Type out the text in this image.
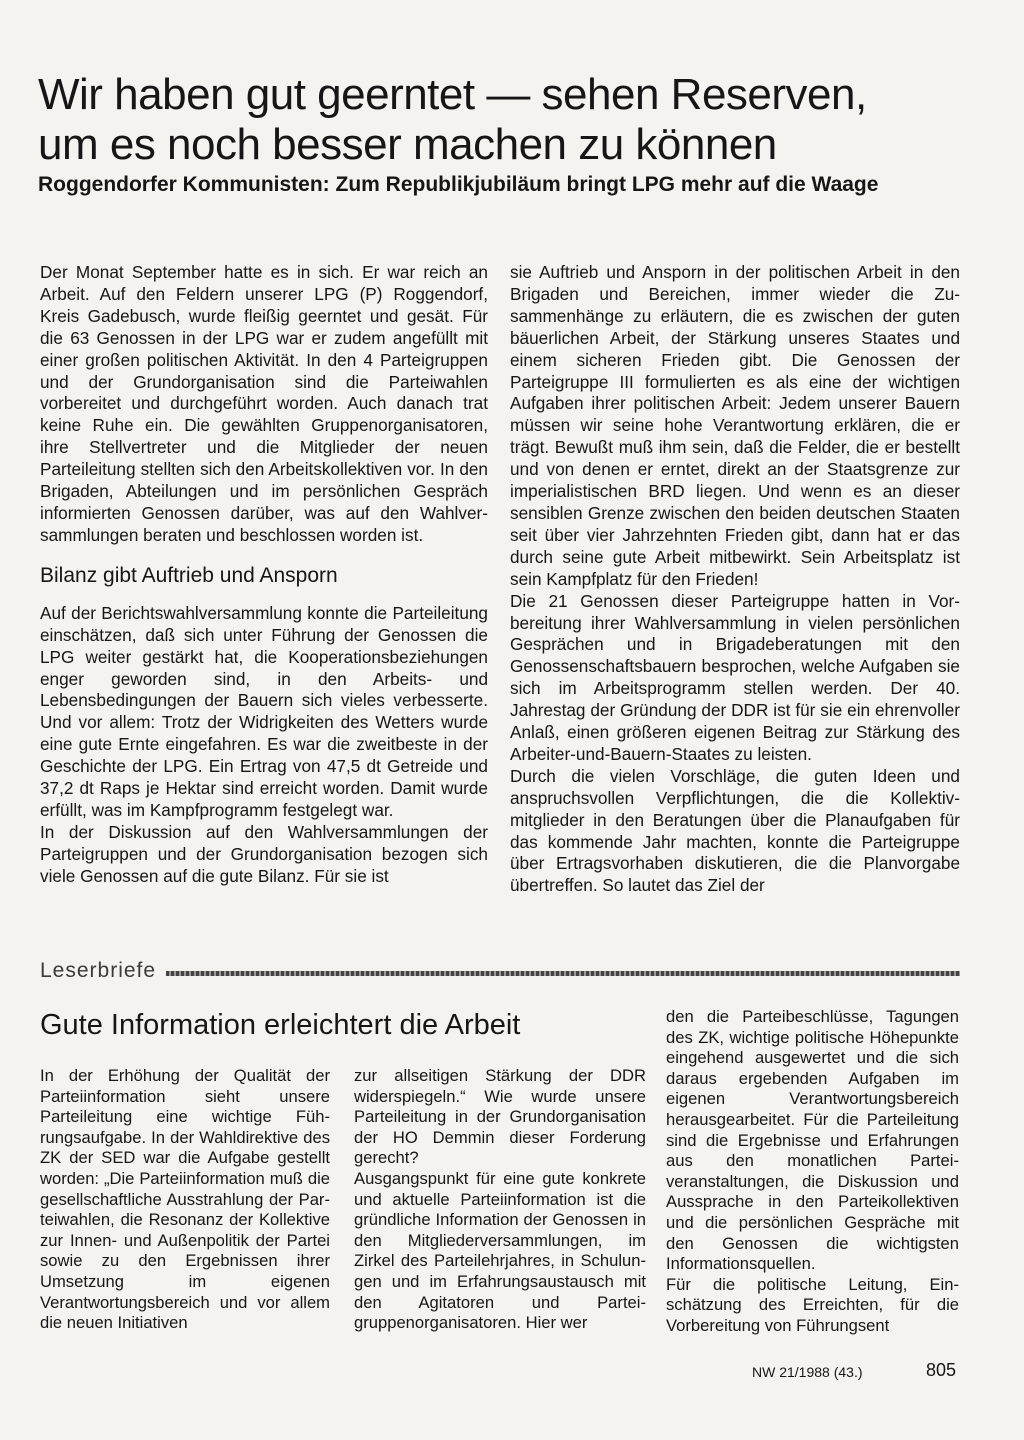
Wir haben gut geerntet — sehen Reserven,
um es noch besser machen zu können
Roggendorfer Kommunisten: Zum Republikjubiläum bringt LPG mehr auf die Waage

Der Monat September hatte es in sich. Er war reich an Arbeit. Auf den Feldern unserer LPG (P) Roggendorf, Kreis Gadebusch, wurde fleißig geerntet und gesät. Für die 63 Genossen in der LPG war er zudem angefüllt mit einer großen politischen Aktivität. In den 4 Parteigruppen und der Grundorganisation sind die Parteiwahlen vorbereitet und durchgeführt worden. Auch danach trat keine Ruhe ein. Die gewählten Gruppenorganisatoren, ihre Stellvertreter und die Mitglieder der neuen Parteileitung stellten sich den Arbeitskollektiven vor. In den Brigaden, Abteilungen und im persönlichen Gespräch informierten Genossen darüber, was auf den Wahlversammlungen beraten und beschlossen worden ist.

Bilanz gibt Auftrieb und Ansporn

Auf der Berichtswahlversammlung konnte die Parteileitung einschätzen, daß sich unter Führung der Genossen die LPG weiter gestärkt hat, die Kooperationsbeziehungen enger geworden sind, in den Arbeits- und Lebensbedingungen der Bauern sich vieles verbesserte. Und vor allem: Trotz der Widrigkeiten des Wetters wurde eine gute Ernte eingefahren. Es war die zweitbeste in der Geschichte der LPG. Ein Ertrag von 47,5 dt Getreide und 37,2 dt Raps je Hektar sind erreicht worden. Damit wurde erfüllt, was im Kampfprogramm festgelegt war.

In der Diskussion auf den Wahlversammlungen der Parteigruppen und der Grundorganisation bezogen sich viele Genossen auf die gute Bilanz. Für sie ist

sie Auftrieb und Ansporn in der politischen Arbeit in den Brigaden und Bereichen, immer wieder die Zusammenhänge zu erläutern, die es zwischen der guten bäuerlichen Arbeit, der Stärkung unseres Staates und einem sicheren Frieden gibt. Die Genossen der Parteigruppe III formulierten es als eine der wichtigen Aufgaben ihrer politischen Arbeit: Jedem unserer Bauern müssen wir seine hohe Verantwortung erklären, die er trägt. Bewußt muß ihm sein, daß die Felder, die er bestellt und von denen er erntet, direkt an der Staatsgrenze zur imperialistischen BRD liegen. Und wenn es an dieser sensiblen Grenze zwischen den beiden deutschen Staaten seit über vier Jahrzehnten Frieden gibt, dann hat er das durch seine gute Arbeit mitbewirkt. Sein Arbeitsplatz ist sein Kampfplatz für den Frieden!

Die 21 Genossen dieser Parteigruppe hatten in Vorbereitung ihrer Wahlversammlung in vielen persönlichen Gesprächen und in Brigadeberatungen mit den Genossenschaftsbauern besprochen, welche Aufgaben sie sich im Arbeitsprogramm stellen werden. Der 40. Jahrestag der Gründung der DDR ist für sie ein ehrenvoller Anlaß, einen größeren eigenen Beitrag zur Stärkung des Arbeiter-und-Bauern-Staates zu leisten.

Durch die vielen Vorschläge, die guten Ideen und anspruchsvollen Verpflichtungen, die die Kollektivmitglieder in den Beratungen über die Planaufgaben für das kommende Jahr machten, konnte die Parteigruppe über Ertragsvorhaben diskutieren, die die Planvorgabe übertreffen. So lautet das Ziel der

Leserbriefe
Gute Information erleichtert die Arbeit

In der Erhöhung der Qualität der Parteiinformation sieht unsere Parteileitung eine wichtige Führungsaufgabe. In der Wahldirektive des ZK der SED war die Aufgabe gestellt worden: „Die Parteiinformation muß die gesellschaftliche Ausstrahlung der Parteiwahlen, die Resonanz der Kollektive zur Innen- und Außenpolitik der Partei sowie zu den Ergebnissen ihrer Umsetzung im eigenen Verantwortungsbereich und vor allem die neuen Initiativen

zur allseitigen Stärkung der DDR widerspiegeln.“ Wie wurde unsere Parteileitung in der Grundorganisation der HO Demmin dieser Forderung gerecht?

Ausgangspunkt für eine gute konkrete und aktuelle Parteiinformation ist die gründliche Information der Genossen in den Mitgliederversammlungen, im Zirkel des Parteilehrjahres, in Schulungen und im Erfahrungsaustausch mit den Agitatoren und Parteigruppenorganisatoren. Hier wer

den die Parteibeschlüsse, Tagungen des ZK, wichtige politische Höhepunkte eingehend ausgewertet und die sich daraus ergebenden Aufgaben im eigenen Verantwortungsbereich herausgearbeitet. Für die Parteileitung sind die Ergebnisse und Erfahrungen aus den monatlichen Parteiveranstaltungen, die Diskussion und Aussprache in den Parteikollektiven und die persönlichen Gespräche mit den Genossen die wichtigsten Informationsquellen.

Für die politische Leitung, Einschätzung des Erreichten, für die Vorbereitung von Führungsent

NW 21/1988 (43.)	805
